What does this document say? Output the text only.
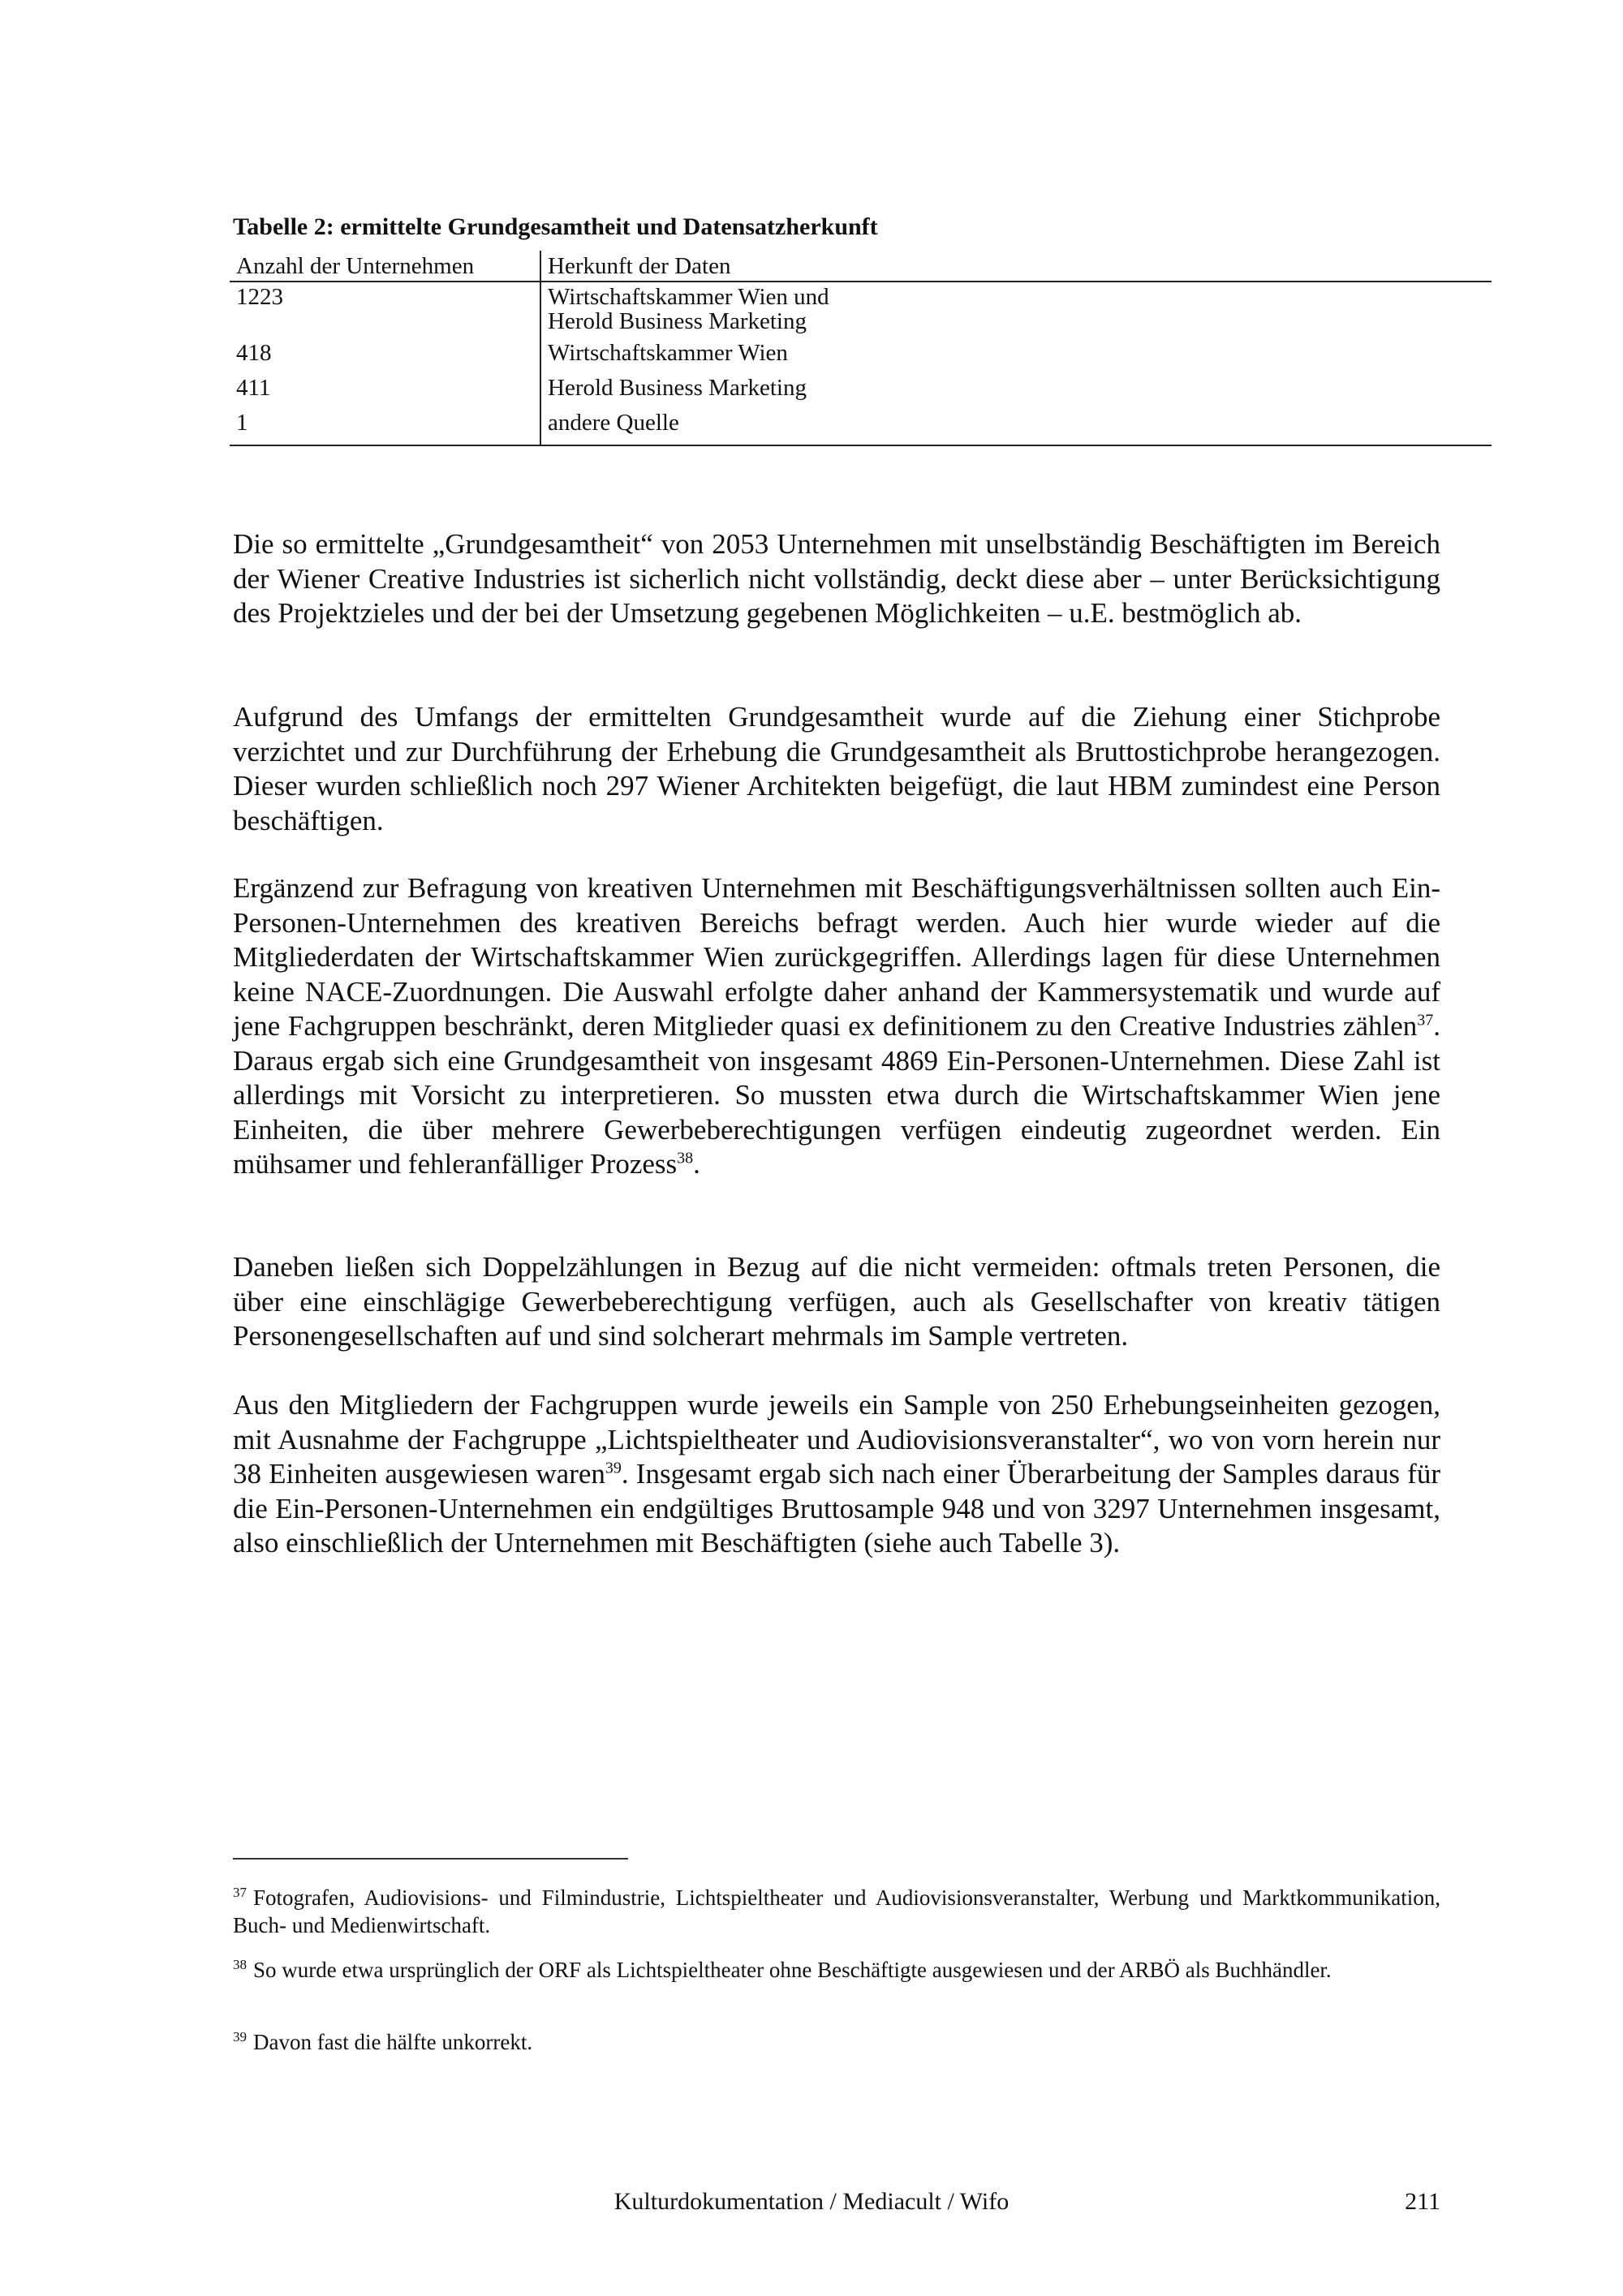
Tabelle 2: ermittelte Grundgesamtheit und Datensatzherkunft
Anzahl der Unternehmen	Herkunft der Daten
1223	Wirtschaftskammer Wien und Herold Business Marketing
418	Wirtschaftskammer Wien
411	Herold Business Marketing
1	andere Quelle

Die so ermittelte „Grundgesamtheit“ von 2053 Unternehmen mit unselbständig Beschäftigten im Bereich der Wiener Creative Industries ist sicherlich nicht vollständig, deckt diese aber – unter Berücksichtigung des Projektzieles und der bei der Umsetzung gegebenen Möglichkeiten – u.E. bestmöglich ab.

Aufgrund des Umfangs der ermittelten Grundgesamtheit wurde auf die Ziehung einer Stichprobe verzichtet und zur Durchführung der Erhebung die Grundgesamtheit als Bruttostichprobe herangezogen. Dieser wurden schließlich noch 297 Wiener Architekten beigefügt, die laut HBM zumindest eine Person beschäftigen.

Ergänzend zur Befragung von kreativen Unternehmen mit Beschäftigungsverhältnissen sollten auch Ein-Personen-Unternehmen des kreativen Bereichs befragt werden. Auch hier wurde wieder auf die Mitgliederdaten der Wirtschaftskammer Wien zurückgegriffen. Allerdings lagen für diese Unternehmen keine NACE-Zuordnungen. Die Auswahl erfolgte daher anhand der Kammersystematik und wurde auf jene Fachgruppen beschränkt, deren Mitglieder quasi ex definitionem zu den Creative Industries zählen$^{37}$. Daraus ergab sich eine Grundgesamtheit von insgesamt 4869 Ein-Personen-Unternehmen. Diese Zahl ist allerdings mit Vorsicht zu interpretieren. So mussten etwa durch die Wirtschaftskammer Wien jene Einheiten, die über mehrere Gewerbeberechtigungen verfügen eindeutig zugeordnet werden. Ein mühsamer und fehleranfälliger Prozess$^{38}$.

Daneben ließen sich Doppelzählungen in Bezug auf die nicht vermeiden: oftmals treten Personen, die über eine einschlägige Gewerbeberechtigung verfügen, auch als Gesellschafter von kreativ tätigen Personengesellschaften auf und sind solcherart mehrmals im Sample vertreten.

Aus den Mitgliedern der Fachgruppen wurde jeweils ein Sample von 250 Erhebungseinheiten gezogen, mit Ausnahme der Fachgruppe „Lichtspieltheater und Audiovisionsveranstalter“, wo von vorn herein nur 38 Einheiten ausgewiesen waren$^{39}$. Insgesamt ergab sich nach einer Überarbeitung der Samples daraus für die Ein-Personen-Unternehmen ein endgültiges Bruttosample 948 und von 3297 Unternehmen insgesamt, also einschließlich der Unternehmen mit Beschäftigten (siehe auch Tabelle 3).

$^{37}$ Fotografen, Audiovisions- und Filmindustrie, Lichtspieltheater und Audiovisionsveranstalter, Werbung und Marktkommunikation, Buch- und Medienwirtschaft.

$^{38}$ So wurde etwa ursprünglich der ORF als Lichtspieltheater ohne Beschäftigte ausgewiesen und der ARBÖ als Buchhändler.

$^{39}$ Davon fast die hälfte unkorrekt.

Kulturdokumentation / Mediacult / Wifo	211
